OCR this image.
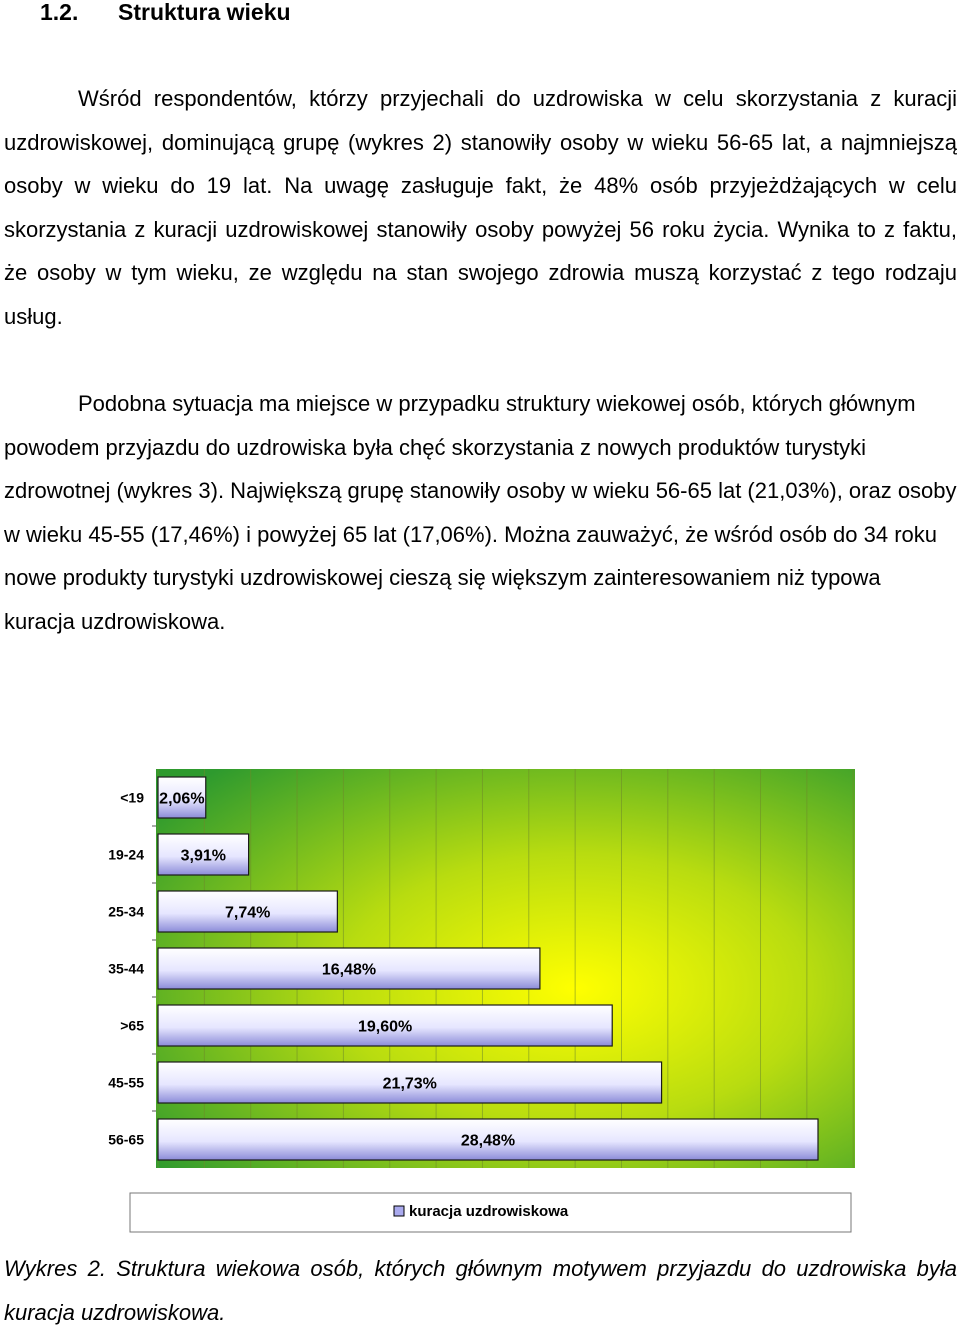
1.2. Struktura wieku

Wśród respondentów, którzy przyjechali do uzdrowiska w celu skorzystania z kuracji uzdrowiskowej, dominującą grupę (wykres 2) stanowiły osoby w wieku 56-65 lat, a najmniejszą osoby w wieku do 19 lat. Na uwagę zasługuje fakt, że 48% osób przyjeżdżających w celu skorzystania z kuracji uzdrowiskowej stanowiły osoby powyżej 56 roku życia. Wynika to z faktu, że osoby w tym wieku, ze względu na stan swojego zdrowia muszą korzystać z tego rodzaju usług.

Podobna sytuacja ma miejsce w przypadku struktury wiekowej osób, których głównym powodem przyjazdu do uzdrowiska była chęć skorzystania z nowych produktów turystyki zdrowotnej (wykres 3). Największą grupę stanowiły osoby w wieku 56-65 lat (21,03%), oraz osoby w wieku 45-55 (17,46%) i powyżej 65 lat (17,06%). Można zauważyć, że wśród osób do 34 roku nowe produkty turystyki uzdrowiskowej cieszą się większym zainteresowaniem niż typowa kuracja uzdrowiskowa.

<19
19-24
25-34
35-44
>65
45-55
56-65
2,06%
3,91%
7,74%
16,48%
19,60%
21,73%
28,48%
kuracja uzdrowiskowa

Wykres 2. Struktura wiekowa osób, których głównym motywem przyjazdu do uzdrowiska była kuracja uzdrowiskowa.
